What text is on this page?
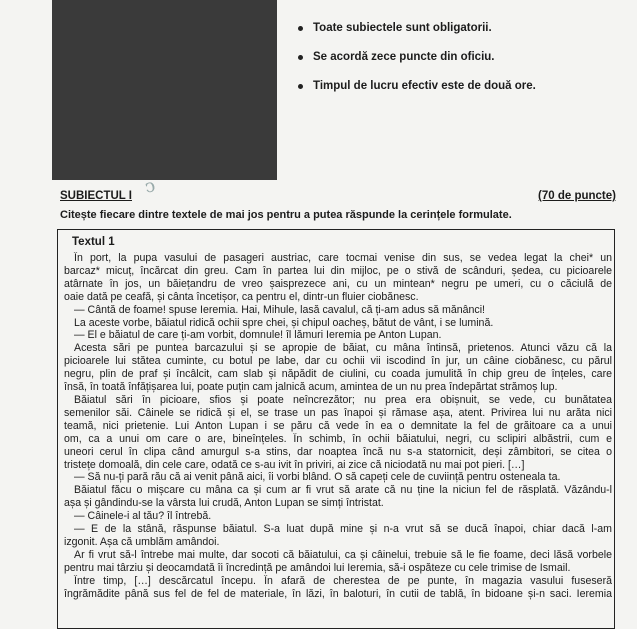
Toate subiectele sunt obligatorii.
Se acordă zece puncte din oficiu.
Timpul de lucru efectiv este de două ore.
ↄ
SUBIECTUL I	(70 de puncte)
Citește fiecare dintre textele de mai jos pentru a putea răspunde la cerințele formulate.
Textul 1
În port, la pupa vasului de pasageri austriac, care tocmai venise din sus, se vedea legat la chei* un
barcaz* micuț, încărcat din greu. Cam în partea lui din mijloc, pe o stivă de scânduri, ședea, cu picioarele
atârnate în jos, un băiețandru de vreo șaisprezece ani, cu un mintean* negru pe umeri, cu o căciulă de
oaie dată pe ceafă, și cânta încetișor, ca pentru el, dintr-un fluier ciobănesc.
— Cântă de foame! spuse Ieremia. Hai, Mihule, lasă cavalul, că ți-am adus să mănânci!
La aceste vorbe, băiatul ridică ochii spre chei, și chipul oacheș, bătut de vânt, i se lumină.
— El e băiatul de care ți-am vorbit, domnule! îl lămuri Ieremia pe Anton Lupan.
Acesta sări pe puntea barcazului și se apropie de băiat, cu mâna întinsă, prietenos. Atunci văzu că la
picioarele lui stătea cuminte, cu botul pe labe, dar cu ochii vii iscodind în jur, un câine ciobănesc, cu părul
negru, plin de praf și încâlcit, cam slab și năpădit de ciulini, cu coada jumulită în chip greu de înțeles, care
însă, în toată înfățișarea lui, poate puțin cam jalnică acum, amintea de un nu prea îndepărtat strămoș lup.
Băiatul sări în picioare, sfios și poate neîncrezător; nu prea era obișnuit, se vede, cu bunătatea
semenilor săi. Câinele se ridică și el, se trase un pas înapoi și rămase așa, atent. Privirea lui nu arăta nici
teamă, nici prietenie. Lui Anton Lupan i se păru că vede în ea o demnitate la fel de grăitoare ca a unui
om, ca a unui om care o are, bineînțeles. În schimb, în ochii băiatului, negri, cu sclipiri albăstrii, cum e
uneori cerul în clipa când amurgul s-a stins, dar noaptea încă nu s-a statornicit, deși zâmbitori, se citea o
tristețe domoală, din cele care, odată ce s-au ivit în priviri, ai zice că niciodată nu mai pot pieri. […]
— Să nu-ți pară rău că ai venit până aici, îi vorbi blând. O să capeți cele de cuviință pentru osteneala ta.
Băiatul făcu o mișcare cu mâna ca și cum ar fi vrut să arate că nu ține la niciun fel de răsplată. Văzându-l
așa și gândindu-se la vârsta lui crudă, Anton Lupan se simți întristat.
— Câinele-i al tău? îl întrebă.
— E de la stână, răspunse băiatul. S-a luat după mine și n-a vrut să se ducă înapoi, chiar dacă l-am
izgonit. Așa că umblăm amândoi.
Ar fi vrut să-l întrebe mai multe, dar socoti că băiatului, ca și câinelui, trebuie să le fie foame, deci lăsă vorbele
pentru mai târziu și deocamdată îi încredință pe amândoi lui Ieremia, să-i ospăteze cu cele trimise de Ismail.
Între timp, […] descărcatul începu. În afară de cherestea de pe punte, în magazia vasului fuseseră
îngrămădite până sus fel de fel de materiale, în lăzi, în baloturi, în cutii de tablă, în bidoane și-n saci. Ieremia
